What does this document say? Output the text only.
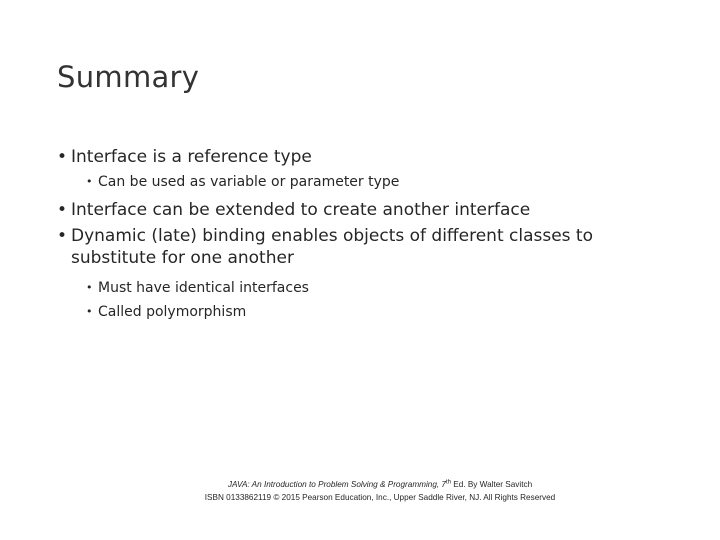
Summary
• Interface is a reference type
• Can be used as variable or parameter type
• Interface can be extended to create another interface
• Dynamic (late) binding enables objects of different classes to substitute for one another
• Must have identical interfaces
• Called polymorphism
JAVA: An Introduction to Problem Solving & Programming, 7th Ed. By Walter Savitch
ISBN 0133862119 © 2015 Pearson Education, Inc., Upper Saddle River, NJ. All Rights Reserved
